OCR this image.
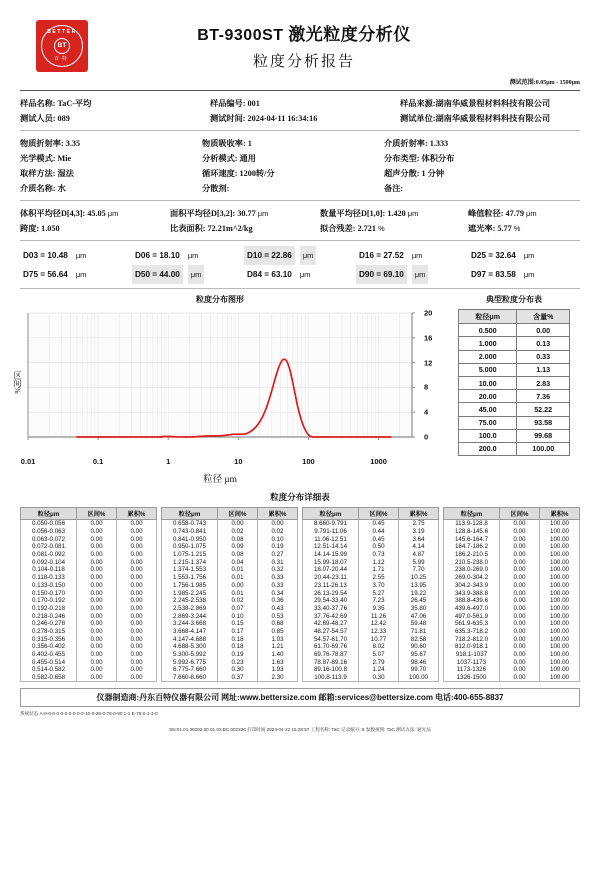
BETTER
BT
百特
BT-9300ST 激光粒度分析仪
粒度分析报告
测试范围:0.05μm - 1500μm
样品名称: TaC-平均	样品编号: 001	样品来源:湖南华威景程材料科技有限公司
测试人员: 089	测试时间: 2024-04-11 16:34:16	测试单位:湖南华威景程材料科技有限公司
物质折射率: 3.35	物质吸收率: 1	介质折射率: 1.333
光学模式: Mie	分析模式: 通用	分布类型: 体积分布
取样方法: 湿法	循环速度: 1200转/分	超声分散: 1 分钟
介质名称: 水	分散剂:	备注:
体积平均径D[4,3]: 45.05 μm	面积平均径D[3,2]: 30.77 μm	数量平均径D[1,0]: 1.420 μm	峰值粒径: 47.79 μm
跨度: 1.050	比表面积: 72.21m^2/kg	拟合残差: 2.721 %	遮光率: 5.77 %
D03 = 10.48	μm	D06 = 18.10	μm	D10 = 22.86	μm	D16 = 27.52	μm	D25 = 32.64	μm
D75 = 56.64	μm	D50 = 44.00	μm	D84 = 63.10	μm	D90 = 69.10	μm	D97 = 83.58	μm
粒度分布图形
区间%
0
4
8
12
16
20
0.01	0.1	1	10	100	1000
粒径 μm
典型粒度分布表
粒径μm	含量%
0.500	0.00
1.000	0.13
2.000	0.33
5.000	1.13
10.00	2.83
20.00	7.36
45.00	52.22
75.00	93.58
100.0	99.68
200.0	100.00
粒度分布详细表
粒径μm	区间%	累积%
0.050-0.056	0.00	0.00
0.056-0.063	0.00	0.00
0.063-0.072	0.00	0.00
0.072-0.081	0.00	0.00
0.081-0.092	0.00	0.00
0.092-0.104	0.00	0.00
0.104-0.118	0.00	0.00
0.118-0.133	0.00	0.00
0.133-0.150	0.00	0.00
0.150-0.170	0.00	0.00
0.170-0.192	0.00	0.00
0.192-0.218	0.00	0.00
0.218-0.246	0.00	0.00
0.246-0.278	0.00	0.00
0.278-0.315	0.00	0.00
0.315-0.356	0.00	0.00
0.356-0.402	0.00	0.00
0.402-0.455	0.00	0.00
0.455-0.514	0.00	0.00
0.514-0.582	0.00	0.00
0.582-0.658	0.00	0.00
粒径μm	区间%	累积%
0.658-0.743	0.00	0.00
0.743-0.841	0.02	0.02
0.841-0.950	0.08	0.10
0.950-1.075	0.09	0.19
1.075-1.215	0.08	0.27
1.215-1.374	0.04	0.31
1.374-1.553	0.01	0.32
1.553-1.756	0.01	0.33
1.756-1.985	0.00	0.33
1.985-2.245	0.01	0.34
2.245-2.538	0.02	0.36
2.538-2.869	0.07	0.43
2.869-3.244	0.10	0.53
3.244-3.668	0.15	0.68
3.668-4.147	0.17	0.85
4.147-4.688	0.18	1.03
4.688-5.300	0.18	1.21
5.300-5.992	0.19	1.40
5.992-6.775	0.23	1.63
6.775-7.660	0.30	1.93
7.660-8.660	0.37	2.30
粒径μm	区间%	累积%
8.660-9.791	0.45	2.75
9.791-11.06	0.44	3.19
11.06-12.51	0.45	3.64
12.51-14.14	0.50	4.14
14.14-15.99	0.73	4.87
15.99-18.07	1.12	5.99
18.07-20.44	1.71	7.70
20.44-23.11	2.55	10.25
23.11-26.13	3.70	13.95
26.13-29.54	5.27	19.22
29.54-33.40	7.23	26.45
33.40-37.76	9.35	35.80
37.76-42.69	11.26	47.06
42.69-48.27	12.42	59.48
48.27-54.57	12.33	71.81
54.57-61.70	10.77	82.58
61.70-69.76	8.02	90.60
69.76-78.87	5.07	95.67
78.87-89.16	2.79	98.46
89.16-100.8	1.24	99.70
100.8-113.9	0.30	100.00
粒径μm	区间%	累积%
113.9-128.8	0.00	100.00
128.8-145.6	0.00	100.00
145.6-164.7	0.00	100.00
164.7-186.2	0.00	100.00
186.2-210.5	0.00	100.00
210.5-238.0	0.00	100.00
238.0-269.0	0.00	100.00
269.0-304.2	0.00	100.00
304.2-343.9	0.00	100.00
343.9-388.8	0.00	100.00
388.8-439.6	0.00	100.00
439.6-497.0	0.00	100.00
497.0-561.9	0.00	100.00
561.9-635.3	0.00	100.00
635.3-718.2	0.00	100.00
718.2-812.0	0.00	100.00
812.0-918.1	0.00	100.00
918.1-1037	0.00	100.00
1037-1173	0.00	100.00
1173-1326	0.00	100.00
1326-1500	0.00	100.00
仪器制造商:丹东百特仪器有限公司 网址:www.bettersize.com 邮箱:services@bettersize.com 电话:400-655-8837
系统状态 A-0-0-0-0-0-0-0-0-0-0-10-0-28-0-78-0-90 1-1 E-79-0-1-3-0
SN:01.01.08202.00 01.03.BC.002226 打印时间 2024-04-22 15:28:57 工程名称: TaC 记录编号: 9 参数视图: TaC 测试方法: 通光法
